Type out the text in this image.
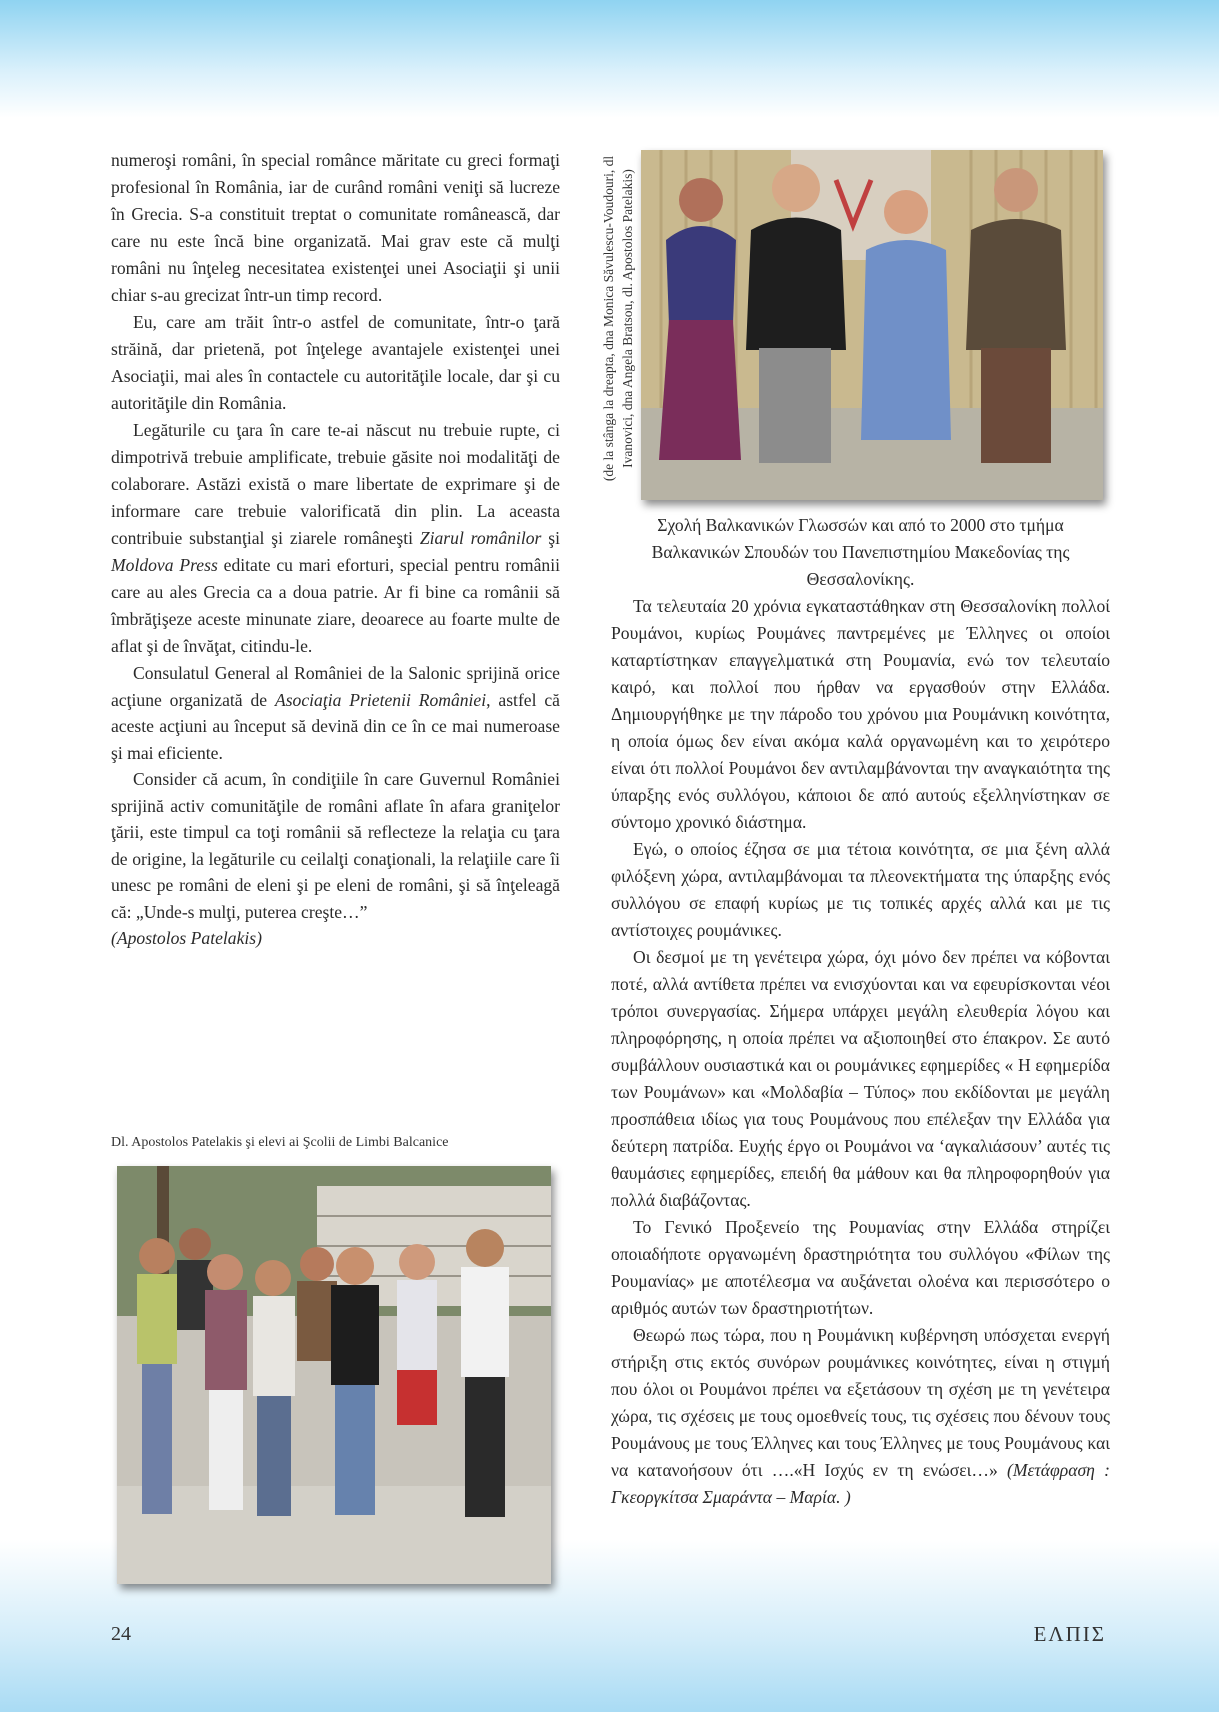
numeroşi români, în special românce măritate cu greci formaţi profesional în România, iar de curând români veniţi să lucreze în Grecia. S-a constituit treptat o comunitate românească, dar care nu este încă bine organizată. Mai grav este că mulţi români nu înţeleg necesitatea existenţei unei Asociaţii şi unii chiar s-au grecizat într-un timp record.

Eu, care am trăit într-o astfel de comunitate, într-o ţară străină, dar prietenă, pot înţelege avantajele existenţei unei Asociaţii, mai ales în contactele cu autorităţile locale, dar şi cu autorităţile din România.

Legăturile cu ţara în care te-ai născut nu trebuie rupte, ci dimpotrivă trebuie amplificate, trebuie găsite noi modalităţi de colaborare. Astăzi există o mare libertate de exprimare şi de informare care trebuie valorificată din plin. La aceasta contribuie substanţial şi ziarele româneşti Ziarul românilor şi Moldova Press editate cu mari eforturi, special pentru românii care au ales Grecia ca a doua patrie. Ar fi bine ca românii să îmbrăţişeze aceste minunate ziare, deoarece au foarte multe de aflat şi de învăţat, citindu-le.

Consulatul General al României de la Salonic sprijină orice acţiune organizată de Asociaţia Prietenii României, astfel că aceste acţiuni au început să devină din ce în ce mai numeroase şi mai eficiente.

Consider că acum, în condiţiile în care Guvernul României sprijină activ comunităţile de români aflate în afara graniţelor ţării, este timpul ca toţi românii să reflecteze la relaţia cu ţara de origine, la legăturile cu ceilalţi conaţionali, la relaţiile care îi unesc pe români de eleni şi pe eleni de români, şi să înţeleagă că: „Unde-s mulţi, puterea creşte…”

(Apostolos Patelakis)

(de la stânga la dreapta, dna Monica Săvulescu-Voudouri, dl Ivanovici, dna Angela Bratsou, dl. Apostolos Patelakis)

Σχολή Βαλκανικών Γλωσσών και από το 2000 στο τμήμα Βαλκανικών Σπουδών του Πανεπιστημίου Μακεδονίας της Θεσσαλονίκης.

Τα τελευταία 20 χρόνια εγκαταστάθηκαν στη Θεσσαλονίκη πολλοί Ρουμάνοι, κυρίως Ρουμάνες παντρεμένες με Έλληνες οι οποίοι καταρτίστηκαν επαγγελματικά στη Ρουμανία, ενώ τον τελευταίο καιρό, και πολλοί που ήρθαν να εργασθούν στην Ελλάδα. Δημιουργήθηκε με την πάροδο του χρόνου μια Ρουμάνικη κοινότητα, η οποία όμως δεν είναι ακόμα καλά οργανωμένη και το χειρότερο είναι ότι πολλοί Ρουμάνοι δεν αντιλαμβάνονται την αναγκαιότητα της ύπαρξης ενός συλλόγου, κάποιοι δε από αυτούς εξελληνίστηκαν σε σύντομο χρονικό διάστημα.

Εγώ, ο οποίος έζησα σε μια τέτοια κοινότητα, σε μια ξένη αλλά φιλόξενη χώρα, αντιλαμβάνομαι τα πλεονεκτήματα της ύπαρξης ενός συλλόγου σε επαφή κυρίως με τις τοπικές αρχές αλλά και με τις αντίστοιχες ρουμάνικες.

Οι δεσμοί με τη γενέτειρα χώρα, όχι μόνο δεν πρέπει να κόβονται ποτέ, αλλά αντίθετα πρέπει να ενισχύονται και να εφευρίσκονται νέοι τρόποι συνεργασίας. Σήμερα υπάρχει μεγάλη ελευθερία λόγου και πληροφόρησης, η οποία πρέπει να αξιοποιηθεί στο έπακρον. Σε αυτό συμβάλλουν ουσιαστικά και οι ρουμάνικες εφημερίδες « Η εφημερίδα των Ρουμάνων» και «Μολδαβία – Τύπος» που εκδίδονται με μεγάλη προσπάθεια ιδίως για τους Ρουμάνους που επέλεξαν την Ελλάδα για δεύτερη πατρίδα. Ευχής έργο οι Ρουμάνοι να ‘αγκαλιάσουν’ αυτές τις θαυμάσιες εφημερίδες, επειδή θα μάθουν και θα πληροφορηθούν για πολλά διαβάζοντας.

Το Γενικό Προξενείο της Ρουμανίας στην Ελλάδα στηρίζει οποιαδήποτε οργανωμένη δραστηριότητα του συλλόγου «Φίλων της Ρουμανίας» με αποτέλεσμα να αυξάνεται ολοένα και περισσότερο ο αριθμός αυτών των δραστηριοτήτων.

Θεωρώ πως τώρα, που η Ρουμάνικη κυβέρνηση υπόσχεται ενεργή στήριξη στις εκτός συνόρων ρουμάνικες κοινότητες, είναι η στιγμή που όλοι οι Ρουμάνοι πρέπει να εξετάσουν τη σχέση με τη γενέτειρα χώρα, τις σχέσεις με τους ομοεθνείς τους, τις σχέσεις που δένουν τους Ρουμάνους με τους Έλληνες και τους Έλληνες με τους Ρουμάνους και να κατανοήσουν ότι ….«Η Ισχύς εν τη ενώσει…» (Μετάφραση : Γκεοργκίτσα Σμαράντα – Μαρία. )

Dl. Apostolos Patelakis şi elevi ai Şcolii de Limbi Balcanice
24	ΕΛΠΙΣ
